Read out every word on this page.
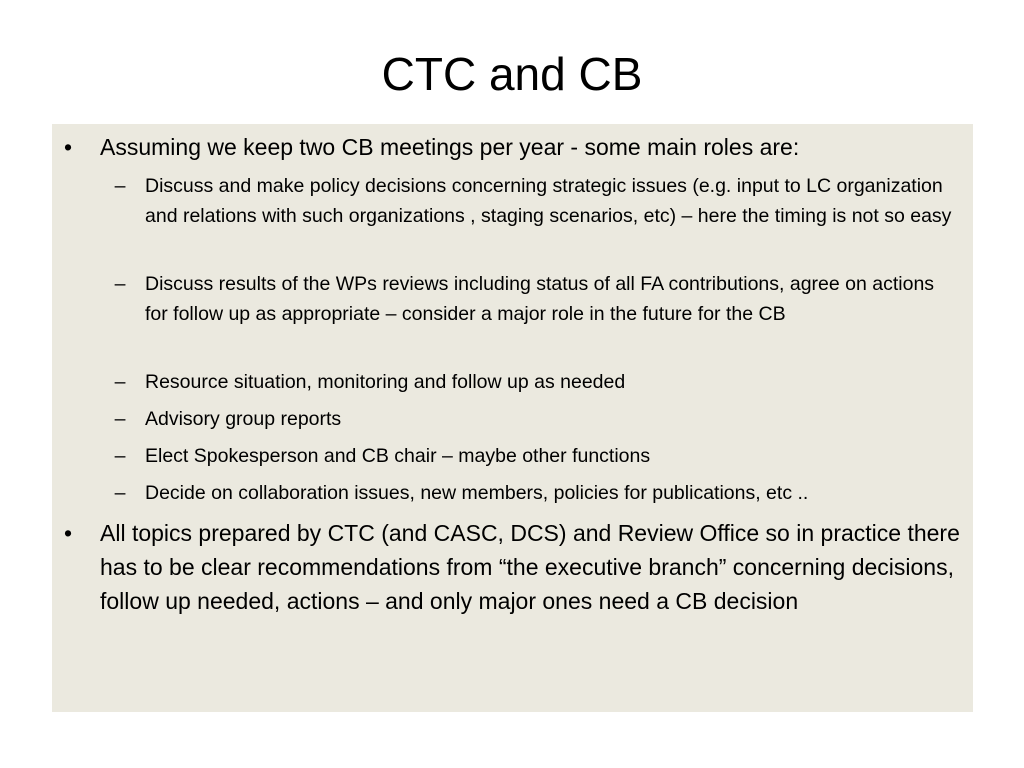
CTC and CB
• Assuming we keep two CB meetings per year - some main roles are:
– Discuss and make policy decisions concerning strategic issues (e.g. input to LC organization and relations with such organizations , staging scenarios, etc) – here the timing is not so easy
– Discuss results of the WPs reviews including status of all FA contributions, agree on actions for follow up as appropriate – consider a major role in the future for the CB
– Resource situation, monitoring and follow up as needed
– Advisory group reports
– Elect Spokesperson and CB chair – maybe other functions
– Decide on collaboration issues, new members, policies for publications, etc ..
• All topics prepared by CTC (and CASC, DCS) and Review Office so in practice there has to be clear recommendations from “the executive branch” concerning decisions, follow up needed, actions – and only major ones need a CB decision
